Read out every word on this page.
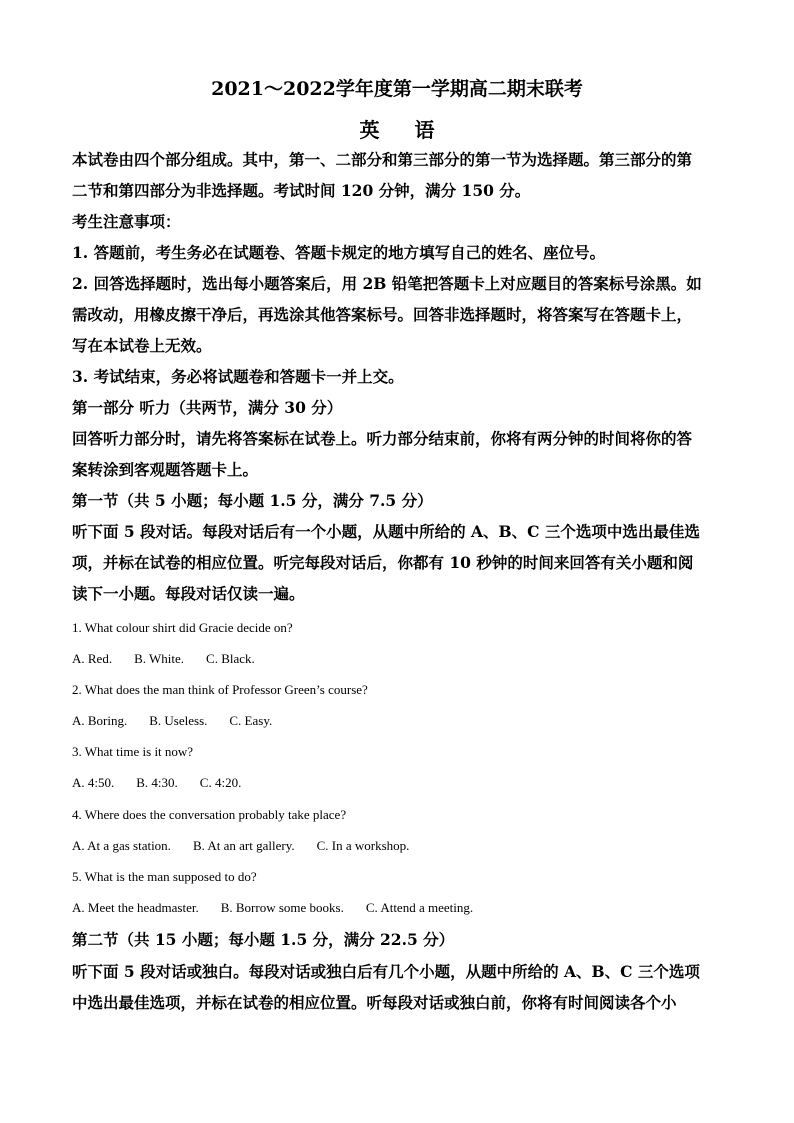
2021～2022学年度第一学期高二期末联考
英 语
本试卷由四个部分组成。其中，第一、二部分和第三部分的第一节为选择题。第三部分的第
二节和第四部分为非选择题。考试时间 120 分钟，满分 150 分。
考生注意事项：
1. 答题前，考生务必在试题卷、答题卡规定的地方填写自己的姓名、座位号。
2. 回答选择题时，选出每小题答案后，用 2B 铅笔把答题卡上对应题目的答案标号涂黑。如
需改动，用橡皮擦干净后，再选涂其他答案标号。回答非选择题时，将答案写在答题卡上，
写在本试卷上无效。
3. 考试结束，务必将试题卷和答题卡一并上交。
第一部分 听力（共两节，满分 30 分）
回答听力部分时，请先将答案标在试卷上。听力部分结束前，你将有两分钟的时间将你的答
案转涂到客观题答题卡上。
第一节（共 5 小题；每小题 1.5 分，满分 7.5 分）
听下面 5 段对话。每段对话后有一个小题，从题中所给的 A、B、C 三个选项中选出最佳选
项，并标在试卷的相应位置。听完每段对话后，你都有 10 秒钟的时间来回答有关小题和阅
读下一小题。每段对话仅读一遍。
1. What colour shirt did Gracie decide on?
A. Red. B. White. C. Black.
2. What does the man think of Professor Green’s course?
A. Boring. B. Useless. C. Easy.
3. What time is it now?
A. 4:50. B. 4:30. C. 4:20.
4. Where does the conversation probably take place?
A. At a gas station. B. At an art gallery. C. In a workshop.
5. What is the man supposed to do?
A. Meet the headmaster. B. Borrow some books. C. Attend a meeting.
第二节（共 15 小题；每小题 1.5 分，满分 22.5 分）
听下面 5 段对话或独白。每段对话或独白后有几个小题，从题中所给的 A、B、C 三个选项
中选出最佳选项，并标在试卷的相应位置。听每段对话或独白前，你将有时间阅读各个小
